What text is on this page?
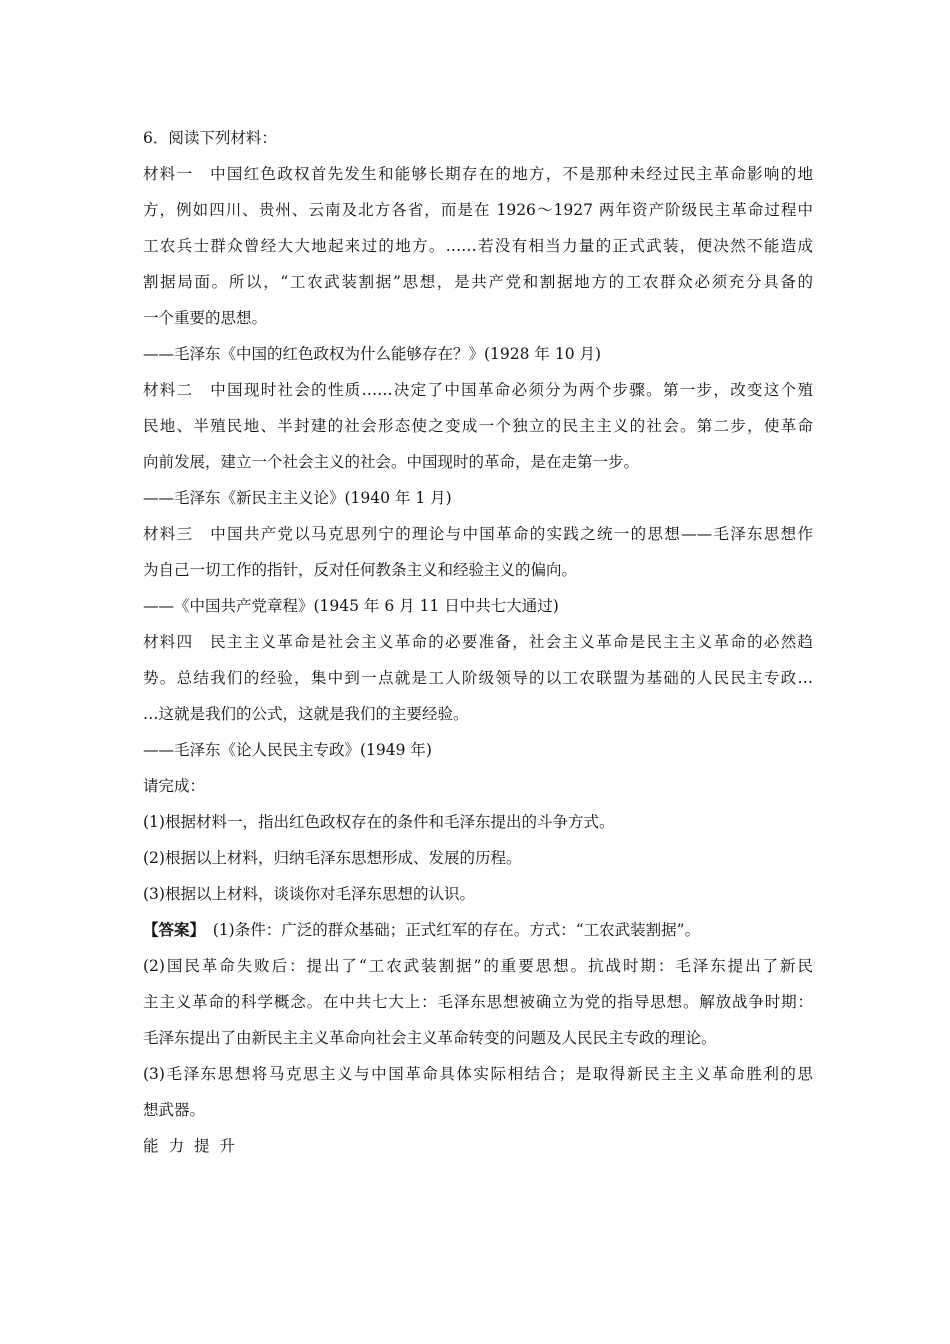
6．阅读下列材料：
材料一　中国红色政权首先发生和能够长期存在的地方，不是那种未经过民主革命影响的地
方，例如四川、贵州、云南及北方各省，而是在 1926～1927 两年资产阶级民主革命过程中
工农兵士群众曾经大大地起来过的地方。……若没有相当力量的正式武装，便决然不能造成
割据局面。所以，“工农武装割据”思想，是共产党和割据地方的工农群众必须充分具备的
一个重要的思想。
——毛泽东《中国的红色政权为什么能够存在？》(1928 年 10 月)
材料二　中国现时社会的性质……决定了中国革命必须分为两个步骤。第一步，改变这个殖
民地、半殖民地、半封建的社会形态使之变成一个独立的民主主义的社会。第二步，使革命
向前发展，建立一个社会主义的社会。中国现时的革命，是在走第一步。
——毛泽东《新民主主义论》(1940 年 1 月)
材料三　中国共产党以马克思列宁的理论与中国革命的实践之统一的思想——毛泽东思想作
为自己一切工作的指针，反对任何教条主义和经验主义的偏向。
——《中国共产党章程》(1945 年 6 月 11 日中共七大通过)
材料四　民主主义革命是社会主义革命的必要准备，社会主义革命是民主主义革命的必然趋
势。总结我们的经验，集中到一点就是工人阶级领导的以工农联盟为基础的人民民主专政…
…这就是我们的公式，这就是我们的主要经验。
——毛泽东《论人民民主专政》(1949 年)
请完成：
(1)根据材料一，指出红色政权存在的条件和毛泽东提出的斗争方式。
(2)根据以上材料，归纳毛泽东思想形成、发展的历程。
(3)根据以上材料，谈谈你对毛泽东思想的认识。
【答案】　(1)条件：广泛的群众基础；正式红军的存在。方式：“工农武装割据”。
(2)国民革命失败后：提出了“工农武装割据”的重要思想。抗战时期：毛泽东提出了新民
主主义革命的科学概念。在中共七大上：毛泽东思想被确立为党的指导思想。解放战争时期：
毛泽东提出了由新民主主义革命向社会主义革命转变的问题及人民民主专政的理论。
(3)毛泽东思想将马克思主义与中国革命具体实际相结合；是取得新民主主义革命胜利的思
想武器。
能力提升
